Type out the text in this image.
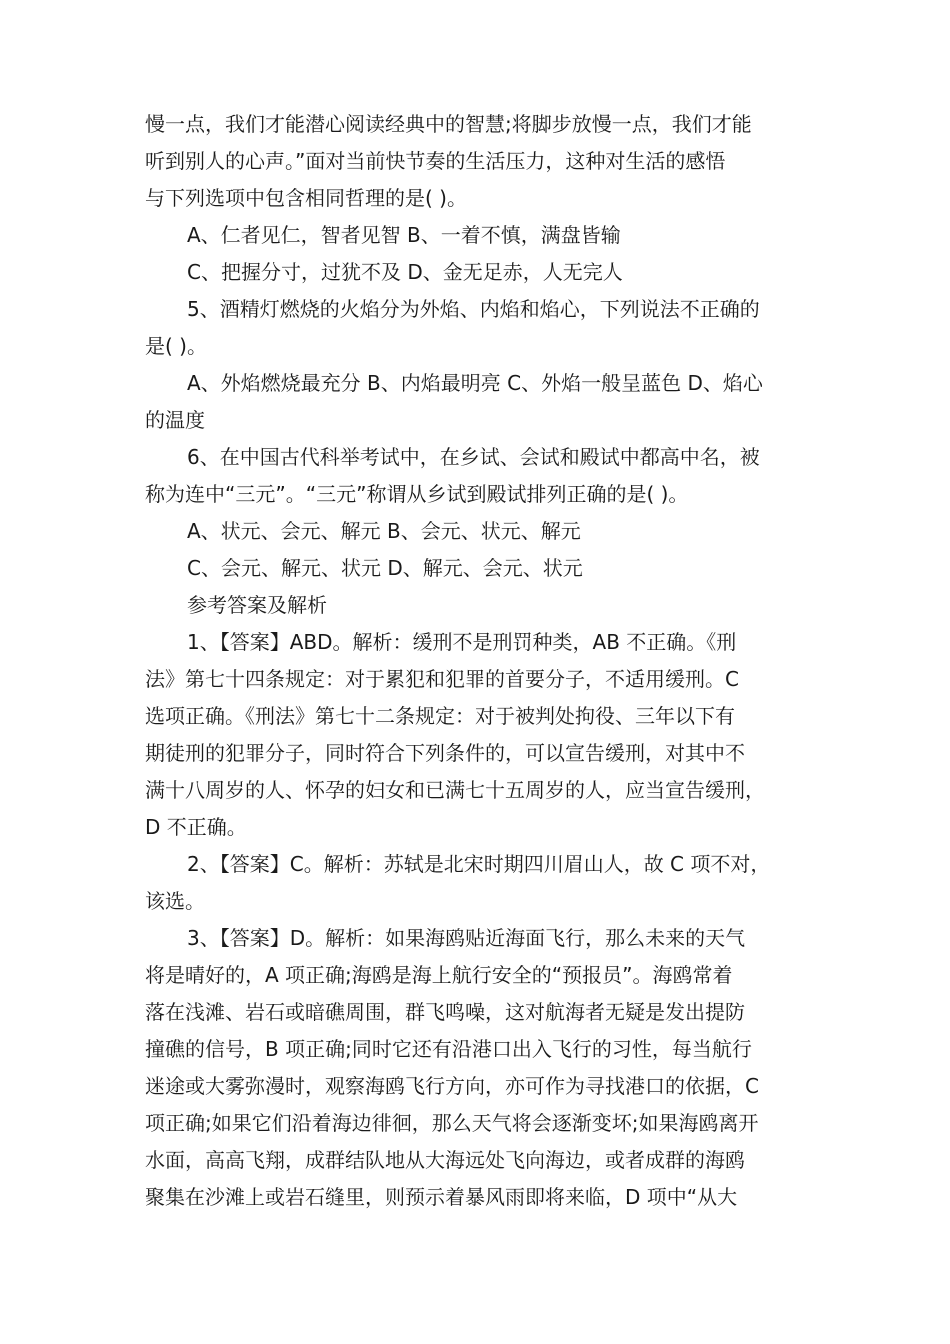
慢一点，我们才能潜心阅读经典中的智慧;将脚步放慢一点，我们才能
听到别人的心声。”面对当前快节奏的生活压力，这种对生活的感悟
与下列选项中包含相同哲理的是( )。
A、仁者见仁，智者见智 B、一着不慎，满盘皆输
C、把握分寸，过犹不及 D、金无足赤，人无完人
5、酒精灯燃烧的火焰分为外焰、内焰和焰心，下列说法不正确的
是( )。
A、外焰燃烧最充分 B、内焰最明亮 C、外焰一般呈蓝色 D、焰心
的温度
6、在中国古代科举考试中，在乡试、会试和殿试中都高中名，被
称为连中“三元”。“三元”称谓从乡试到殿试排列正确的是( )。
A、状元、会元、解元 B、会元、状元、解元
C、会元、解元、状元 D、解元、会元、状元
参考答案及解析
1、【答案】ABD。解析：缓刑不是刑罚种类，AB 不正确。《刑
法》第七十四条规定：对于累犯和犯罪的首要分子，不适用缓刑。C
选项正确。《刑法》第七十二条规定：对于被判处拘役、三年以下有
期徒刑的犯罪分子，同时符合下列条件的，可以宣告缓刑，对其中不
满十八周岁的人、怀孕的妇女和已满七十五周岁的人，应当宣告缓刑，
D 不正确。
2、【答案】C。解析：苏轼是北宋时期四川眉山人，故 C 项不对，
该选。
3、【答案】D。解析：如果海鸥贴近海面飞行，那么未来的天气
将是晴好的，A 项正确;海鸥是海上航行安全的“预报员”。海鸥常着
落在浅滩、岩石或暗礁周围，群飞鸣噪，这对航海者无疑是发出提防
撞礁的信号，B 项正确;同时它还有沿港口出入飞行的习性，每当航行
迷途或大雾弥漫时，观察海鸥飞行方向，亦可作为寻找港口的依据，C
项正确;如果它们沿着海边徘徊，那么天气将会逐渐变坏;如果海鸥离开
水面，高高飞翔，成群结队地从大海远处飞向海边，或者成群的海鸥
聚集在沙滩上或岩石缝里，则预示着暴风雨即将来临，D 项中“从大
